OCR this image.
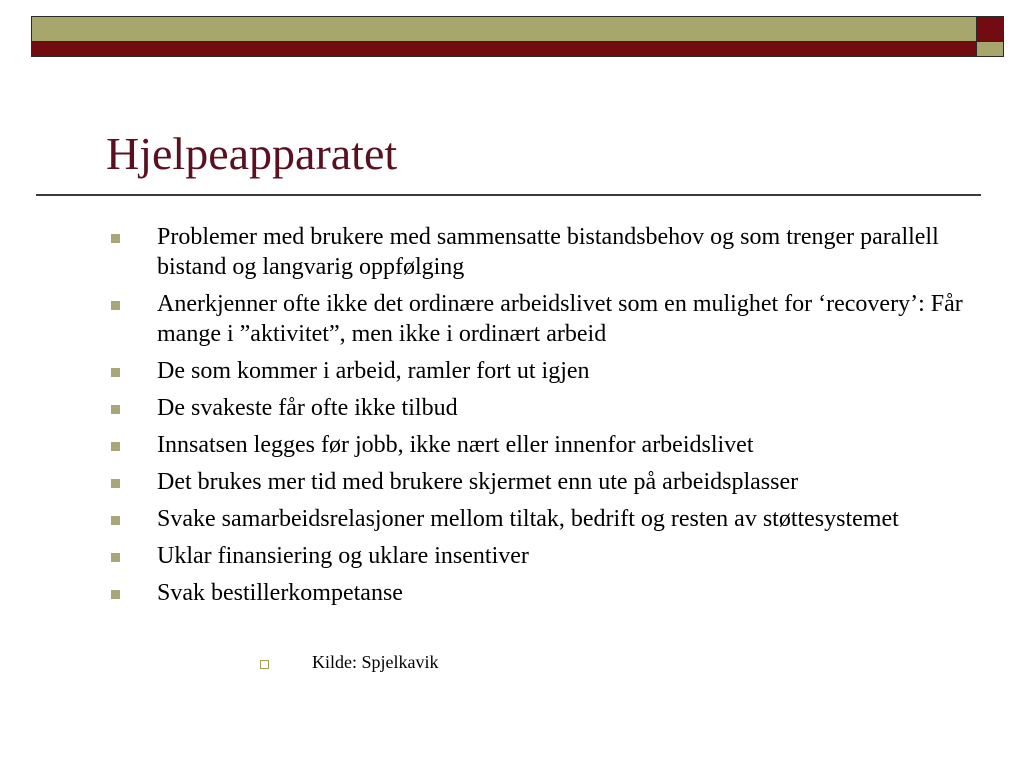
Hjelpeapparatet
Problemer med brukere med sammensatte bistandsbehov og som trenger parallell bistand og langvarig oppfølging
Anerkjenner ofte ikke det ordinære arbeidslivet som en mulighet for ‘recovery’: Får mange i ”aktivitet”, men ikke i ordinært arbeid
De som kommer i arbeid, ramler fort ut igjen
De svakeste får ofte ikke tilbud
Innsatsen legges før jobb, ikke nært eller innenfor arbeidslivet
Det brukes mer tid med brukere skjermet enn ute på arbeidsplasser
Svake samarbeidsrelasjoner mellom tiltak, bedrift og resten av støttesystemet
Uklar finansiering og uklare insentiver
Svak bestillerkompetanse
Kilde: Spjelkavik
